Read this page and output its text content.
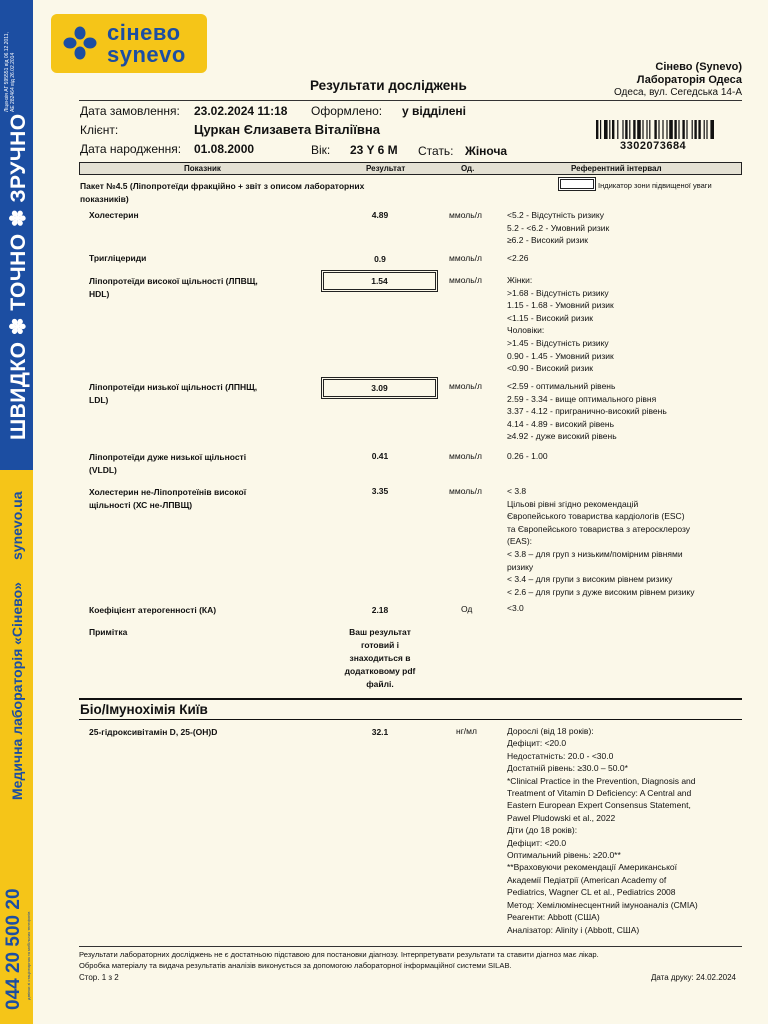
Ліцензія АГ 595551 від 06.12.2011, АЕ 282464 від 26.02.2014
ШВИДКО ✽ ТОЧНО ✽ ЗРУЧНО
synevo.ua
Медична лабораторія «Сінево»
044 20 500 20 дзвінки зі стаціонарних та мобільних телефонів
сінево
synevo
Результати досліджень
Сінево (Synevo)
Лабораторія Одеса
Одеса, вул. Сегедська 14-А
Дата замовлення: 23.02.2024 11:18 Оформлено: у відділені
Клієнт:	Цуркан Єлизавета Віталіївна
Дата народження: 01.08.2000	Вік: 23 Y 6 M Стать: Жіноча	3302073684
Показник	Результат	Од.	Референтний інтервал
Пакет №4.5 (Ліпопротеїди фракційно + звіт з описом лабораторних
показників)
Індикатор зони підвищеної уваги
Холестерин	4.89	ммоль/л	<5.2 - Відсутність ризику
5.2 - <6.2 - Умовний ризик
≥6.2 - Високий ризик
Тригліцериди	0.9	ммоль/л	<2.26
Ліпопротеїди високої щільності (ЛПВЩ,
HDL)
1.54	ммоль/л	Жінки:
>1.68 - Відсутність ризику
1.15 - 1.68 - Умовний ризик
<1.15 - Високий ризик
Чоловіки:
>1.45 - Відсутність ризику
0.90 - 1.45 - Умовний ризик
<0.90 - Високий ризик
Ліпопротеїди низької щільності (ЛПНЩ,
LDL)
3.09	ммоль/л	<2.59 - оптимальний рівень
2.59 - 3.34 - вище оптимального рівня
3.37 - 4.12 - пригранично-високий рівень
4.14 - 4.89 - високий рівень
≥4.92 - дуже високий рівень
Ліпопротеїди дуже низької щільності
(VLDL)
0.41	ммоль/л	0.26 - 1.00
Холестерин не-Ліпопротеїнів високої
щільності (ХС не-ЛПВЩ)
3.35	ммоль/л	< 3.8
Цільові рівні згідно рекомендацій
Європейського товариства кардіологів (ESC)
та Європейського товариства з атеросклерозу
(EAS):
< 3.8 – для груп з низьким/помірним рівнями
ризику
< 3.4 – для групи з високим рівнем ризику
< 2.6 – для групи з дуже високим рівнем ризику
Коефіцієнт атерогенності (КА)	2.18	Од	<3.0
Примітка	Ваш результат
готовий і
знаходиться в
додатковому pdf
файлі.
Біо/Імунохімія Київ
25-гідроксивітамін D, 25-(OH)D	32.1	нг/мл	Дорослі (від 18 років):
Дефіцит: <20.0
Недостатність: 20.0 - <30.0
Достатній рівень: ≥30.0 – 50.0*
*Clinical Practice in the Prevention, Diagnosis and
Treatment of Vitamin D Deficiency: A Central and
Eastern European Expert Consensus Statement,
Pawel Pludowski et al., 2022
Діти (до 18 років):
Дефіцит: <20.0
Оптимальний рівень: ≥20.0**
**Враховуючи рекомендації Американської
Академії Педіатрії (American Academy of
Pediatrics, Wagner CL et al., Pediatrics 2008
Метод: Хемілюмінесцентний імуноаналіз (CMIA)
Реагенти: Abbott (США)
Аналізатор: Alinity i (Abbott, США)
Результати лабораторних досліджень не є достатньою підставою для постановки діагнозу. Інтерпретувати результати та ставити діагноз має лікар.
Обробка матеріалу та видача результатів аналізів виконується за допомогою лабораторної інформаційної системи SILAB.
Стор. 1 з 2	Дата друку: 24.02.2024
